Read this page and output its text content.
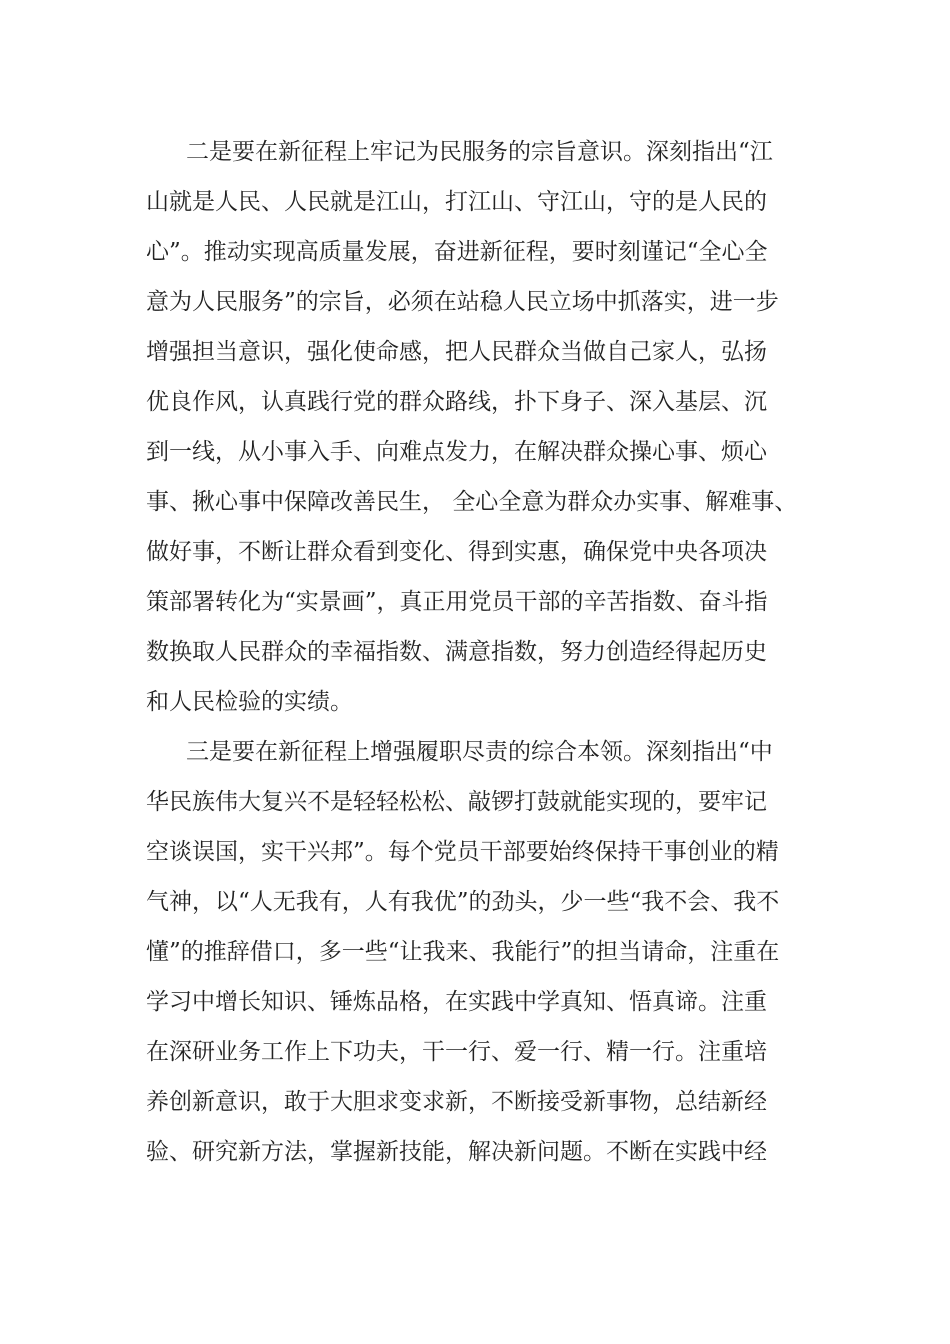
二是要在新征程上牢记为民服务的宗旨意识。深刻指出“江
山就是人民、人民就是江山，打江山、守江山，守的是人民的
心”。推动实现高质量发展，奋进新征程，要时刻谨记“全心全
意为人民服务”的宗旨，必须在站稳人民立场中抓落实，进一步
增强担当意识，强化使命感，把人民群众当做自己家人，弘扬
优良作风，认真践行党的群众路线，扑下身子、深入基层、沉
到一线，从小事入手、向难点发力，在解决群众操心事、烦心
事、揪心事中保障改善民生， 全心全意为群众办实事、解难事、
做好事，不断让群众看到变化、得到实惠，确保党中央各项决
策部署转化为“实景画”，真正用党员干部的辛苦指数、奋斗指
数换取人民群众的幸福指数、满意指数，努力创造经得起历史
和人民检验的实绩。

三是要在新征程上增强履职尽责的综合本领。深刻指出“中
华民族伟大复兴不是轻轻松松、敲锣打鼓就能实现的，要牢记
空谈误国，实干兴邦”。每个党员干部要始终保持干事创业的精
气神，以“人无我有，人有我优”的劲头，少一些“我不会、我不
懂”的推辞借口，多一些“让我来、我能行”的担当请命，注重在
学习中增长知识、锤炼品格，在实践中学真知、悟真谛。注重
在深研业务工作上下功夫，干一行、爱一行、精一行。注重培
养创新意识，敢于大胆求变求新，不断接受新事物，总结新经
验、研究新方法，掌握新技能，解决新问题。不断在实践中经
